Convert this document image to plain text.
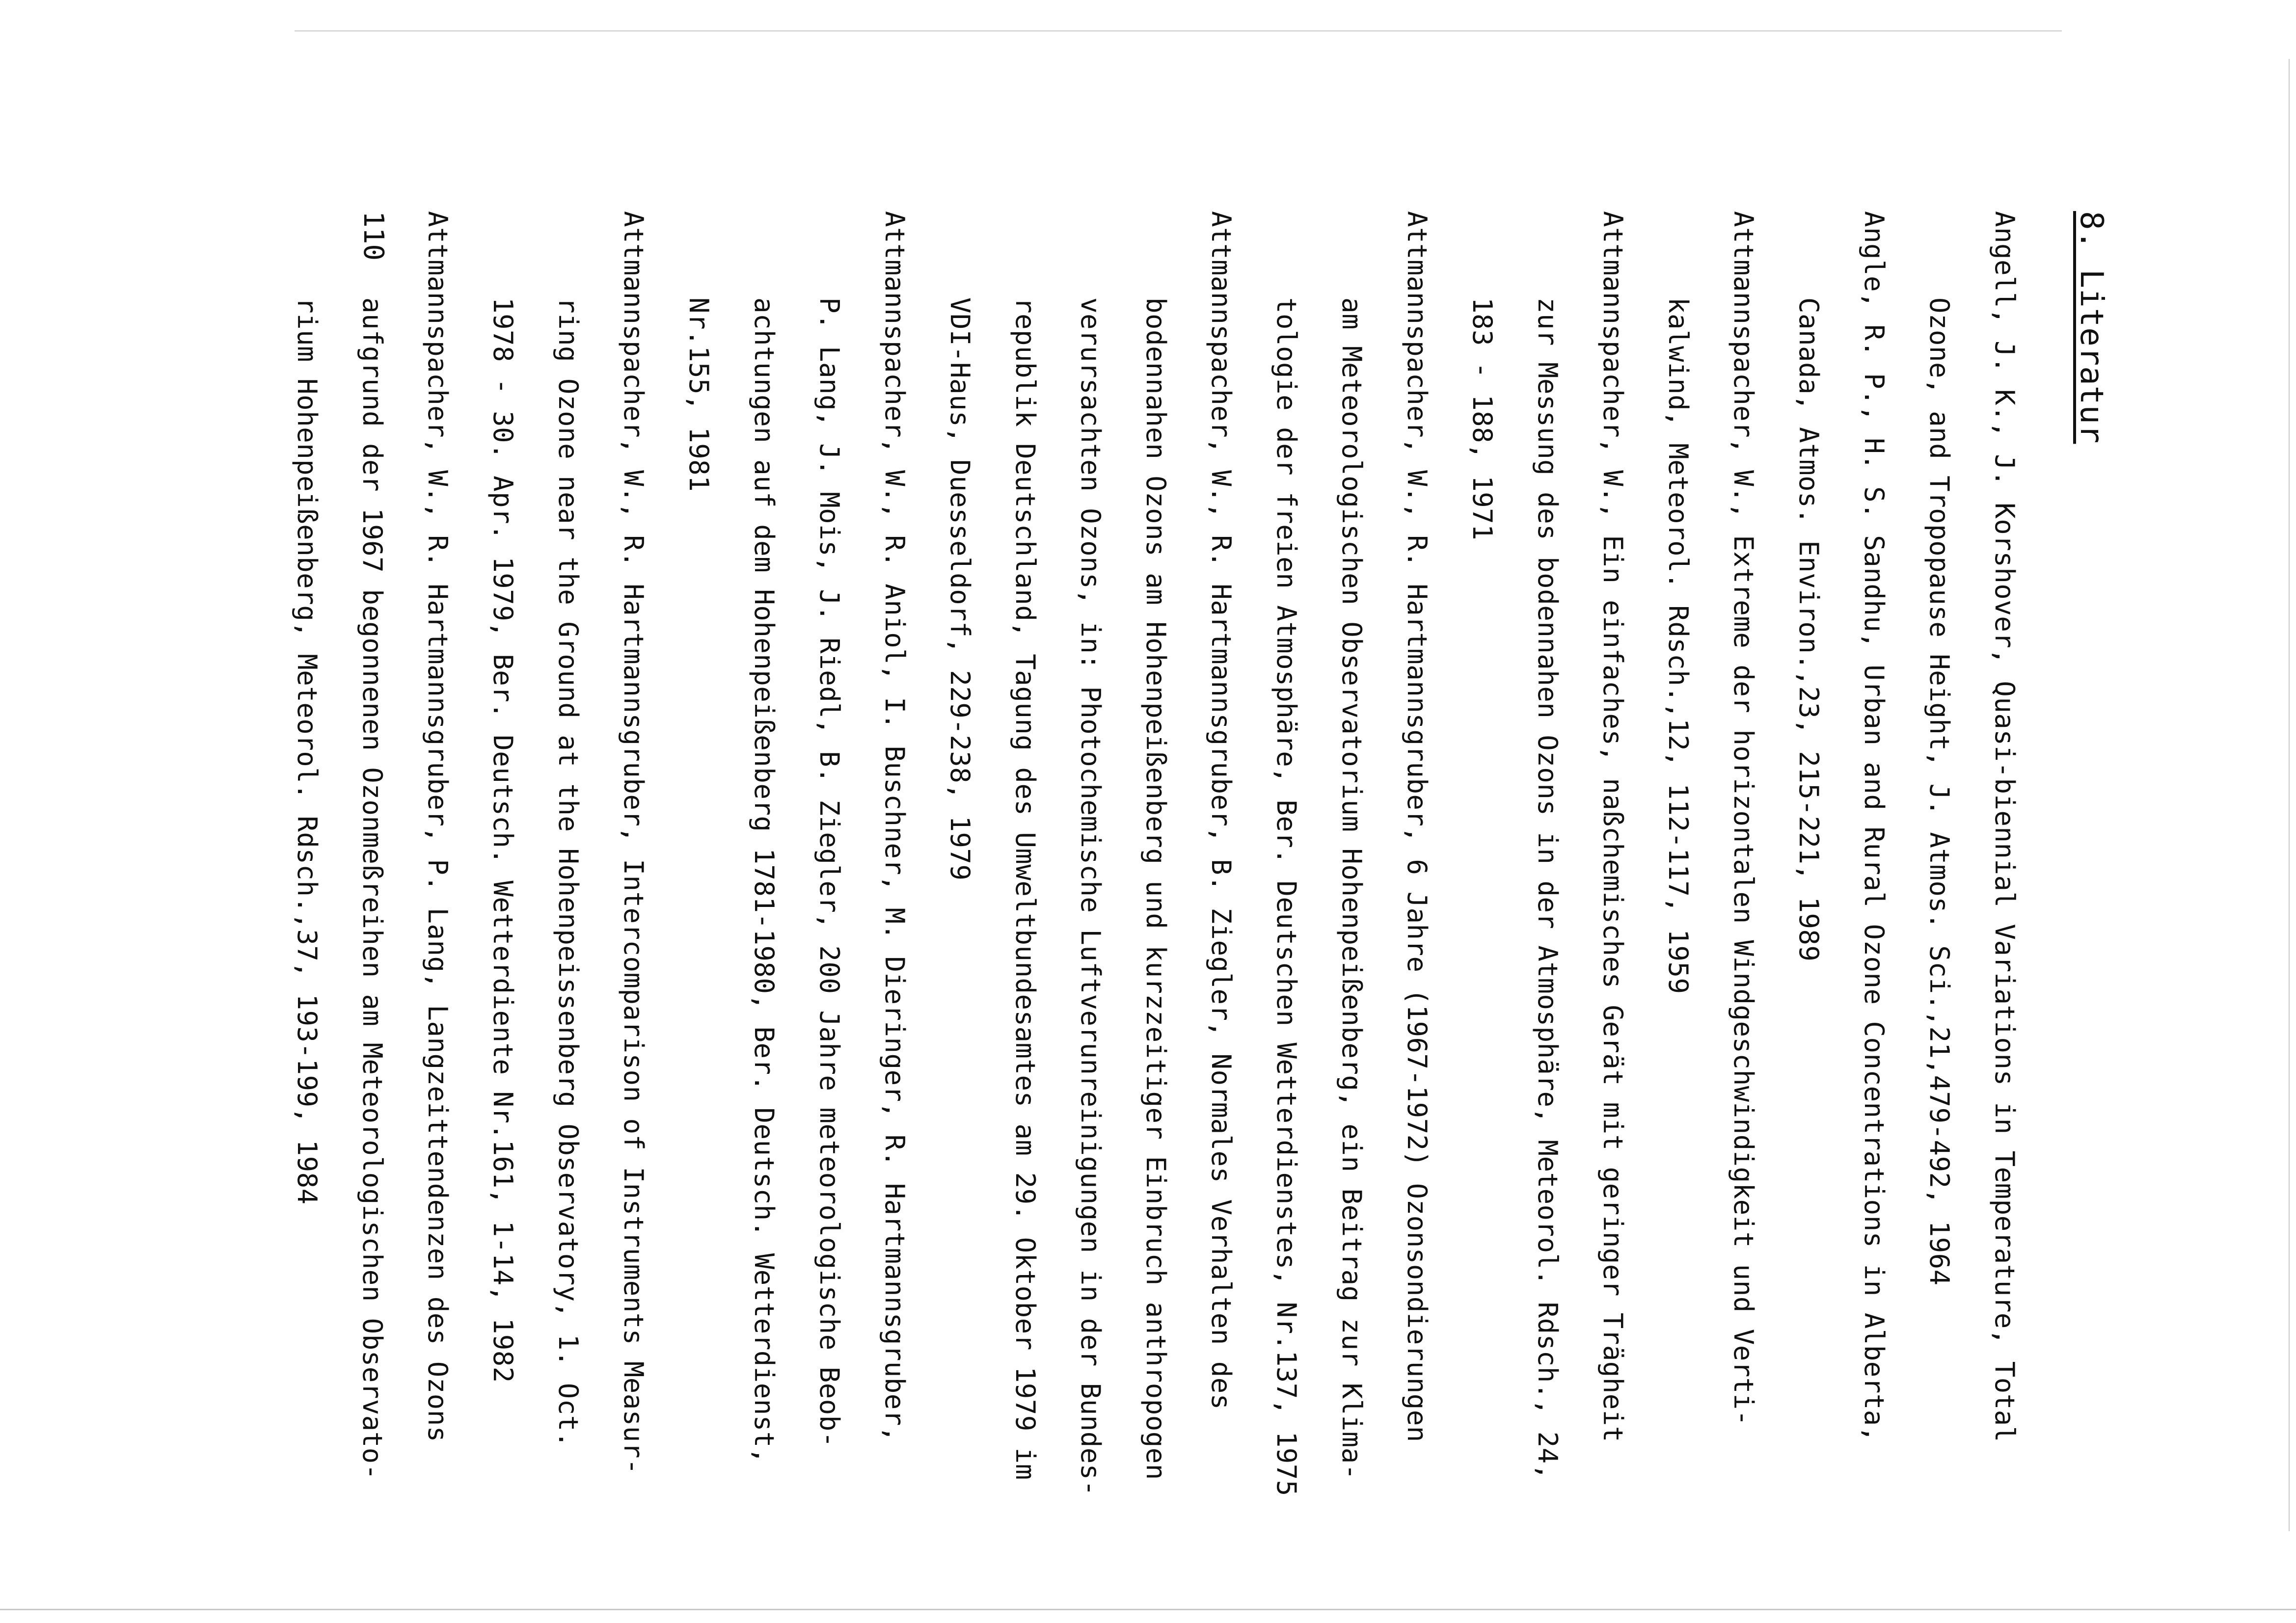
8. Literatur
Angell, J. K., J. Korshover, Quasi-biennial Variations in Temperature, Total
Ozone, and Tropopause Height, J. Atmos. Sci.,21,479-492, 1964
Angle, R. P., H. S. Sandhu, Urban and Rural Ozone Concentrations in Alberta,
Canada, Atmos. Environ.,23, 215-221, 1989
Attmannspacher, W., Extreme der horizontalen Windgeschwindigkeit und Verti-
kalwind, Meteorol. Rdsch.,12, 112-117, 1959
Attmannspacher, W., Ein einfaches, naßchemisches Gerät mit geringer Trägheit
zur Messung des bodennahen Ozons in der Atmosphäre, Meteorol. Rdsch., 24,
183 - 188, 1971
Attmannspacher, W., R. Hartmannsgruber, 6 Jahre (1967-1972) Ozonsondierungen
am Meteorologischen Observatorium Hohenpeißenberg, ein Beitrag zur Klima-
tologie der freien Atmosphäre, Ber. Deutschen Wetterdienstes, Nr.137, 1975
Attmannspacher, W., R. Hartmannsgruber, B. Ziegler, Normales Verhalten des
bodennahen Ozons am Hohenpeißenberg und kurzzeitiger Einbruch anthropogen
verursachten Ozons, in: Photochemische Luftverunreinigungen in der Bundes-
republik Deutschland, Tagung des Umweltbundesamtes am 29. Oktober 1979 im
VDI-Haus, Duesseldorf, 229-238, 1979
Attmannspacher, W., R. Aniol, I. Buschner, M. Dieringer, R. Hartmannsgruber,
P. Lang, J. Mois, J. Riedl, B. Ziegler, 200 Jahre meteorologische Beob-
achtungen auf dem Hohenpeißenberg 1781-1980, Ber. Deutsch. Wetterdienst,
Nr.155, 1981
Attmannspacher, W., R. Hartmannsgruber, Intercomparison of Instruments Measur-
ring Ozone near the Ground at the Hohenpeissenberg Observatory, 1. Oct.
1978 - 30. Apr. 1979, Ber. Deutsch. Wetterdiente Nr.161, 1-14, 1982
Attmannspacher, W., R. Hartmannsgruber, P. Lang, Langzeittendenzen des Ozons
aufgrund der 1967 begonnenen Ozonmeßreihen am Meteorologischen Observato-
rium Hohenpeißenberg, Meteorol. Rdsch.,37, 193-199, 1984
110
